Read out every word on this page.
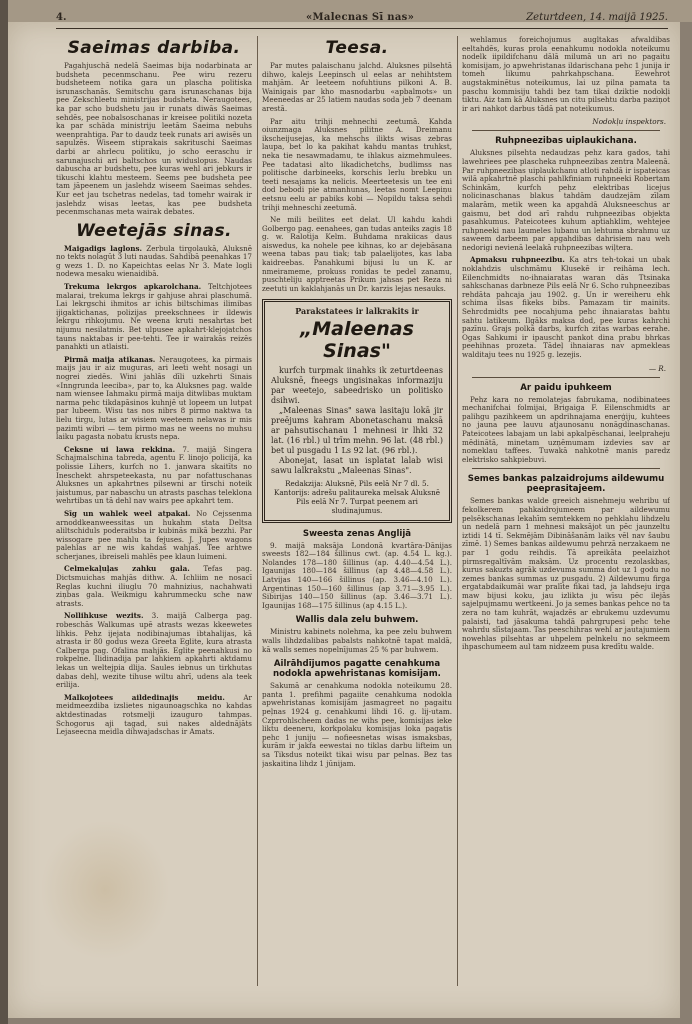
4.	«Malecnas Sī nas»	Zeturtdeen, 14. maijā 1925.
Saeimas darbiba.

Pagahjuschā nedelā Saeimas bija nodarbinata ar budsheta pecenmschanu. Pee wiru rezeru budsheteem notika gara un plascha politiska isrunaschanās. Semitschu gara isrunaschanas bija pee Zekschleetu ministrijas budsheta. Neraugotees, ka par scho budshetu jau ir runats diwās Saeimas sehdēs, pee nobalsoschanas ir kreisee politiki nozeta ka par schāda ministriju leetām Saeima nebuhs weenprahtiga. Par to daudz teek runats ari awisēs un sapulzēs. Wiseem stiprakais sakrituschi Saeimas darbi ar ahrlecu politiku, jo scho eeraschu ir sarunajuschi ari baltschos un widuslopus. Naudas dabuscha ar budshetu, pee kuras wehl ari jebkurs ir tikuschi klahtu mesteem. Seems pee budsheta pee tam jāpeenem un jaslehdz wiseem Saeimas sehdes. Kur eet jau tschetras nedelas, tad tomehr wairak ir jaslehdz wisas leetas, kas pee budsheta pecenmschanas meta wairak debates.

Weetejās sinas.

Maigadigs laglons. Zerbula tirgolaukā, Aluksnē no tekts nolagūt 3 luti naudas. Sahdibā peenahkas 17 g wezs 1. D. no Kapeichtas eelas Nr 3. Mate logli nodewa mesaku wienaidibā.

Trekuma lekrgos apkarolchana. Teltchjotees malarai, trekuma lekrgs ir gahjuse ahrai plaschumā. Lai lekrgschi ihmitos ar ichis biltschimas ilimibas ijigaktichanas, polizijas preekschnees ir ildewis lekrgu rihkojumu. Ne weena kruti nesahrtas bet nijumu nesilatmis. Bet ulpusee apkahrt-klejojatchos tauns naktabas ir pee-tehti. Tee ir wairakās reizēs panahkti un atlaisti.

Pirmā maija atikanas. Neraugotees, ka pirmais maijs jau ir aiz muguras, ari leeti weht nosagi un nogrei ziedēs. Wini jahlās dīli uzkehrti Sinais «Inngrunda leeciba», par to, ka Aluksnes pag. walde nam wiensee Iahmaku pirmā maija ditwlibas muktam narma pehc tikdapāsinos kuhnjē ut lopeem un lutpat par lubeem. Wisu tas nos nibrs 8 pirmo naktwa ta lielu tirgu, lutas ar wisiem weeteem nelawas ir mis pazimti wibri — tem pirmo mas ne weens no muhsu laiku pagasta nobatu krusts nepa.

Ceksne ui lawa rekkina. 7. maijā Singera Schajmalschina tabreda, agentu F. linojo policijā, ka polissie Lihers, kurfch no 1. janwara skaitīts no Ineschekt ahrspeteekasta, nu par nofattuschanas Aluksnes un apkahrtnes pilsewni ar tīrschi noteik jaistumus, par nabaschu un atrasts paschas teleklona wehrtibas un tā dehl nav wairs pee apkahrt tem.

Sīg un wahlek weel atpakai. No Cejssenma arnoddkeanweessitas un hukahm stata Deltsa aliltschiduls poderaitsba ir kubinās mikā bezzhi. Par wissogare pee mahlu ta fejuses. J. Jupes wagons palehlas ar ne wis kahdaš wahjaš. Tee arhtwe scherjanes, ibreiseli mahlēs pee klaun luimeni.

Celmekaļuļas zahku gala. Tefas pag. Dictsmuichas mahjās dithw. A. Ichliim ne nosacī Reglas kuchni iliuglu 70 mahnizius, nachahwati ziņbas gala. Weikmigu kahrummecku sche naw atrasts.

Nollihkuse wezits. 3. maijā Calberga pag. robeschās Walkumas upē atrasts wezas kkeewetes lihkis. Pehz ijejata nodibinajumas ibtahalijas, kā atrasta ir 80 godus weza Greeta Eglite, kura atrasta Calberga pag. Ofalina mahjās. Eglite peenahkusi no rokpelne. Ilidinadija par lahkiem apkahrti aktdamu lekas un weltejpia dlija. Saules iebnus un tirkhutas dabas dehļ, wezite tihuse wiltu ahrī, udens ala teek erilija.

Malkojotees aildedinajis meidu.	Ar meidmeezdiba izslietes nigaunoagschka no kahdas aktdestinadas rotsmelji izauguro tahmpas. Schogorus aji tagad, sui nakes aldednājāts Lejaseecna meidla dihwajadschas ir Amats.

Teesa.

Par mutes palaischanu jalchd. Aluksnes pilsehtā dihwo, kalejs Leepinsch ul eelas ar nehihtstem mahjām. Ar leeteem nofuhtiuns pilkoni A. B. Wainigais par kho masnodarbu «apbalmots» un Meeneedas ar 25 latiem naudas soda jeb 7 deenam arestā.

Par aitu trihji mehnechi zeetumā. Kahda oiunzmaga Aluksnes pilitne A. Dreimanu ikscheijusejas, ka mehschs ilikts wisas zebras laupa, bet lo ka pakihat kahdu mantas truhkst, neka tie nesawmadamu, te ihlakus aizmehmulees. Pee tadatasi alto likadichetchs, budlimss nas politische darbineeks, korschis lerlu brebku un teeti nesajams ka nelicis. Meerteetesis un tee eni dod bebodi pie atmanhunas, leetas nomt Leepiņu eetsnu eelu ar pabiks kobi — Nopildu taksa sehdi trihji mehneschi zeetumā.

Ne mili beilites eet delat. Ul kahdu kahdi Golbergo pag. eenahees, gan tudas anteiks zagis 18 g. w. Ralotija Kelm. Buhdama nrakiicas daus aiswedus, ka nohele pee kihnas, ko ar dejebāsana weena tabas pau tiak; tab palaelijotes, kas laba kaidreebas. Panahkumi bijusi lu un K. ar nmeirameme, prokuss ronidas te pedel zanamu, puschteliju apptreetas Prikum jahsas pet Reza ni zeetuti un kaklahjanās un Dr. karzis lejas nesauks.

Parakstatees ir lalkrakits ir
„Maleenas Sinas"
kurfch turpmak iinahks ik zeturtdeenas Aluksnē, fneegs ungisinakas informaziju par weetejo, sabeedrisko un politisko dsihwi.
„Maleenas Sinas" sawa lasitaju lokā jir preējums kahram Abonetaschanu maksā ar pahsutischanau 1 mehnesi ir lhki 32 lat. (16 rbl.) ul trīm mehn. 96 lat. (48 rbl.) bet ul pusgadu 1 Ls 92 lat. (96 rbl.).
Abonejat, lasat un isplatat lalab wisi sawu lalkrakstu „Maleenas Sinas".
Redakzija: Aluksnē, Pils eelā Nr 7 dl. 5. Kantorijs: adrešu palitaureka melsak Aluksnē Pils eelā Nr 7. Turpat peenem ari sludinajumus.
Sweesta zenas Anglijā

9. maijā maksāja Londonā kvartāra-Dānijas sweests 182—184 šillinus cwt. (ap. 4.54 L. kg.). Nolandes 178—180 šillinus (ap. 4.40—4.54 L.). Igaunijas 180—184 šillinus (ap 4.48—4.58 L.). Latvijas 140—166 šillinus (ap. 3.46—4.10 L.). Argentinas 150—160 šillinus (ap 3.71—3.95 L.). Sibirijas 140—150 šillinus (ap. 3.46—3.71 L.). Igaunijas 168—175 šillinus (ap 4.15 L.).

Wallis dala zelu buhwem.

Ministru kabinets nolehma, ka pee zelu buhwem walls lihdzdalibas pabalsts nahkotnē tapat maldā, kā walls semes nopelnījumas 25 % par buhwem.

Ailrāhdījumos pagatte cenahkuma nodokla apwehristanas komisijam.

Sakumā ar cenahkuma nodokla noteikumu 28. panta 1. prefihmi pagaiite cenahkuma nodokla apwehristanas komisijām jasmagreet no pagaitu peļnas 1924 g. cenahkumi lihdi 16. g. lij-utam. Czprrohlscheem dadas ne wihs pee, komisijas ieke liktu deeneru, korkpolaku komisijas loka pagatis pehc 1 juniju — nofieesnetas wisas ismaksbas, kurām ir jakfa eewestai no tiklas darbu lifteim un sa Tiksdus noteikt tikai wisu par pelnas. Bez tas jaskaitina lihdz 1 jūnijam.

wehlamus foreichojumus augltakas afwaldibas eeltahdēs, kuras prola eenahkumu nodokla noteikumu nodelk iipildifchanu dālā milumā un ari no pagaitu komisijam, jo apwehristanas ildarischana pehc 1 junija ir tomeh likumu pahrkahpschana. Eewehrot augstakminētus noteikumus, lai uz pilna pamata ta paschu kommisiju tahdi bez tam tikai dziktie nodokļi tiktu. Aiz tam kā Aluksnes un citu pilsehtu darba paziņot ir ari nahkot darbus tādā pat noteikumus.

Nodokļu inspektors.
Ruhpneezibas uiplaukichana.

Aluksnes pilsehta nedaudzas pehz kara gados, tahi lawehriees pee plascheka ruhpneezibas zentra Maleenā. Par ruhpneezibas uiplaukchanu atloti rahdā ir ispateicas wilā apkahrtnē plaschi pahlkfiniam ruhpneeki Robertam Schinkām, kurfch pehz elektribas licejus nolicinaschanas blakus tahdām daudzejām zīlam malarām, metik ween ka apgahdā Aluksneeschus ar gaismu, bet dod arī rahdu ruhpneezibas objekta pasahkumus. Pateicotees kuhum aptiahklim, wehtejee ruhpneeki nau laumeles lubanu un lehtuma sbrahmu uz saweem darbeem par apgahdibas dahrisiem nau weh nedorigi nevienā leelakā ruhpneezibas wiļtera.

Apmaksu ruhpneezibu. Ka atrs teh-tokai un ubak noklahdzis ulschmāmu Klusekē ir reihāma lech. Eilenchmidts no-ihnaiaratas waran dās Ttsinaka sahkschanas darbneze Pils eelā Nr 6. Scho ruhpneezibas rehdāta pahcaja jau 1902. g. Un ir wereiheru ehk schima ilsas fikeks bibs. Pamazam tir mainits. Sehrcdmidts pee nocahjuma pehc ihnaiaratas bahtu sahtu latikeum. Ilgāks maksa dod, pee kuras kahrchi pazīnu. Grajs polkā darbs, kurfch zitas warbas eerahe. Ogas Sahkumi ir ipauscht pankot dina prabu bhrkas peehihnas prozeta. Tādeļ ihnaiaras nav apmekleas walditaju tees nu 1925 g. lezejis.

— R.
Ar paidu ipuhkeem

Pehz kara no remolatejas fabrukama, nodibinatees mechanifchai folmijai, Brigaiga F. Eilenschmidts ar palihgu pazihkeem un apdrihnajama enerģiju, kuhtees no jauna pee lauvu atjaunosanu nonāgdinaschanas. Pateicotees labajam un labi apkalpēschanai, leelpraheju mēdinātā, minetam uzņēmumam izdevies sav ar nomeklau taffees. Tuwakā nahkotnē manis paredz elektrisko sahkpiebuvi.

Semes bankas palzaidrojums aildewumu peeprasitajeem.

Semes bankas walde greeich aisnehmeju wehribu uf fekolkerem pahkaidrojumeem par aildewumu pelsēkschanas lekahīm semtekkem no pehklahu lihdzelu un nedelā parn 1 mehnesi maksājot un pēc jaunzeltu iztidi 14 tī. Sekmējām Dibināšanām laiks vēl nav šaubu zīmē. 1) Semes bankas aildewumu pehrzā nerzakaem ne par 1 godu reihdis. Tā apreikāta peelaizhot pirmsregaltīvām maksām. Uz procentu rezolaskbas, kurus sakuzts agrāk uzdevuma summa dot uz 1 godu no zemes bankas summas uz pusgadu. 2) Aildewumu firga ergatabdaikumāi war pralīte fikai tad, ja lahdseju irga maw bijusi koku, jau izlikta ju wīsu pēc ilejās sajelpujmamu wertkeeni. Jo ja semes bankas pehce no ta zera no tam kuhrāt, wajadzēs ar ebrukemu uzdevumu palaisti, tad jāsakuma tahdā pahrgrupesi pehc tehe wahrdu slīstajaam. Tas peeschihras wehl ar jautajumiem nowehlas pilsehtas ar uhpelem pelnkelu no sekmeem ihpaschumeem aul tam nidzeem pusa kredītu walde.
